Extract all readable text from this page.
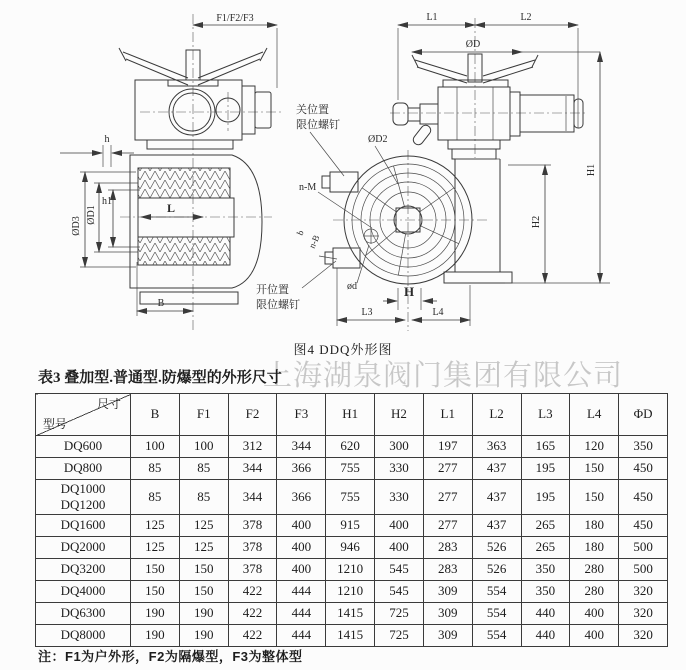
F1/F2/F3
h
ØD3
ØD1
h1	L
B
L1	L2
ØD
关位置
限位螺钉
ØD2
n-M
b
n-B
开位置
限位螺钉
ød	H
L3	L4
H2
H1
图4 DDQ外形图
上海湖泉阀门集团有限公司
表3 叠加型.普通型.防爆型的外形尺寸
尺寸
型号	B	F1	F2	F3	H1	H2	L1	L2	L3	L4	ΦD
DQ600	100	100	312	344	620	300	197	363	165	120	350
DQ800	85	85	344	366	755	330	277	437	195	150	450

DQ1000
DQ1200	85	85	344	366	755	330	277	437	195	150	450
DQ1600	125	125	378	400	915	400	277	437	265	180	450
DQ2000	125	125	378	400	946	400	283	526	265	180	500
DQ3200	150	150	378	400	1210	545	283	526	350	280	500
DQ4000	150	150	422	444	1210	545	309	554	350	280	320
DQ6300	190	190	422	444	1415	725	309	554	440	400	320
DQ8000	190	190	422	444	1415	725	309	554	440	400	320
注：F1为户外形，F2为隔爆型，F3为整体型
